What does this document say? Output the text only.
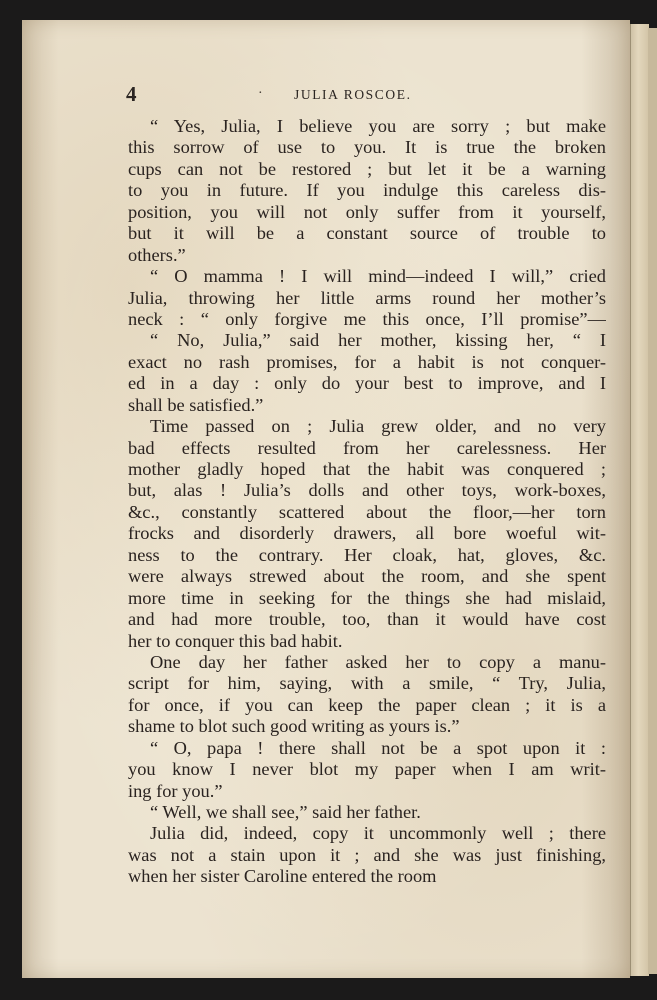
4	· JULIA ROSCOE.
“ Yes, Julia, I believe you are sorry ; but make
this sorrow of use to you. It is true the broken
cups can not be restored ; but let it be a warning
to you in future. If you indulge this careless dis-
position, you will not only suffer from it yourself,
but it will be a constant source of trouble to
others.”
“ O mamma ! I will mind—indeed I will,” cried
Julia, throwing her little arms round her mother’s
neck : “ only forgive me this once, I’ll promise”—
“ No, Julia,” said her mother, kissing her, “ I
exact no rash promises, for a habit is not conquer-
ed in a day : only do your best to improve, and I
shall be satisfied.”
Time passed on ; Julia grew older, and no very
bad effects resulted from her carelessness. Her
mother gladly hoped that the habit was conquered ;
but, alas ! Julia’s dolls and other toys, work-boxes,
&c., constantly scattered about the floor,—her torn
frocks and disorderly drawers, all bore woeful wit-
ness to the contrary. Her cloak, hat, gloves, &c.
were always strewed about the room, and she spent
more time in seeking for the things she had mislaid,
and had more trouble, too, than it would have cost
her to conquer this bad habit.
One day her father asked her to copy a manu-
script for him, saying, with a smile, “ Try, Julia,
for once, if you can keep the paper clean ; it is a
shame to blot such good writing as yours is.”
“ O, papa ! there shall not be a spot upon it :
you know I never blot my paper when I am writ-
ing for you.”
“ Well, we shall see,” said her father.
Julia did, indeed, copy it uncommonly well ; there
was not a stain upon it ; and she was just finishing,
when her sister Caroline entered the room
